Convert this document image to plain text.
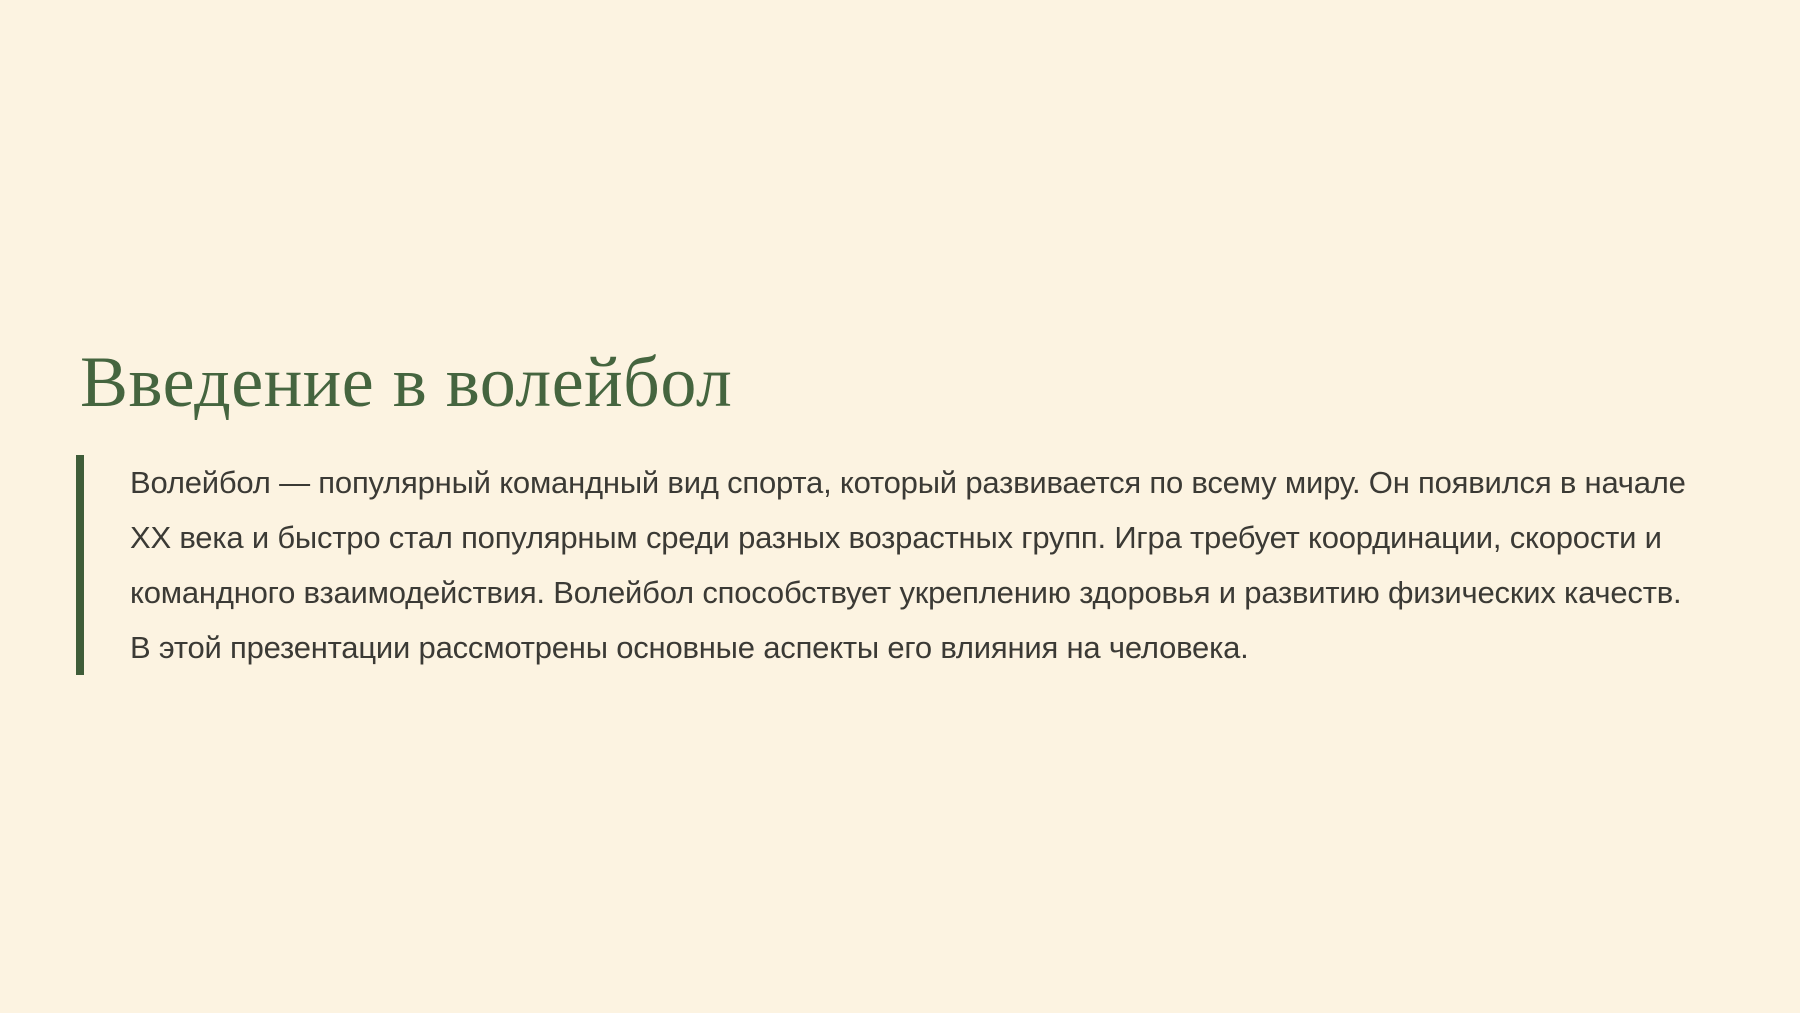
Введение в волейбол

Волейбол — популярный командный вид спорта, который развивается по всему миру. Он появился в начале XX века и быстро стал популярным среди разных возрастных групп. Игра требует координации, скорости и командного взаимодействия. Волейбол способствует укреплению здоровья и развитию физических качеств. В этой презентации рассмотрены основные аспекты его влияния на человека.
